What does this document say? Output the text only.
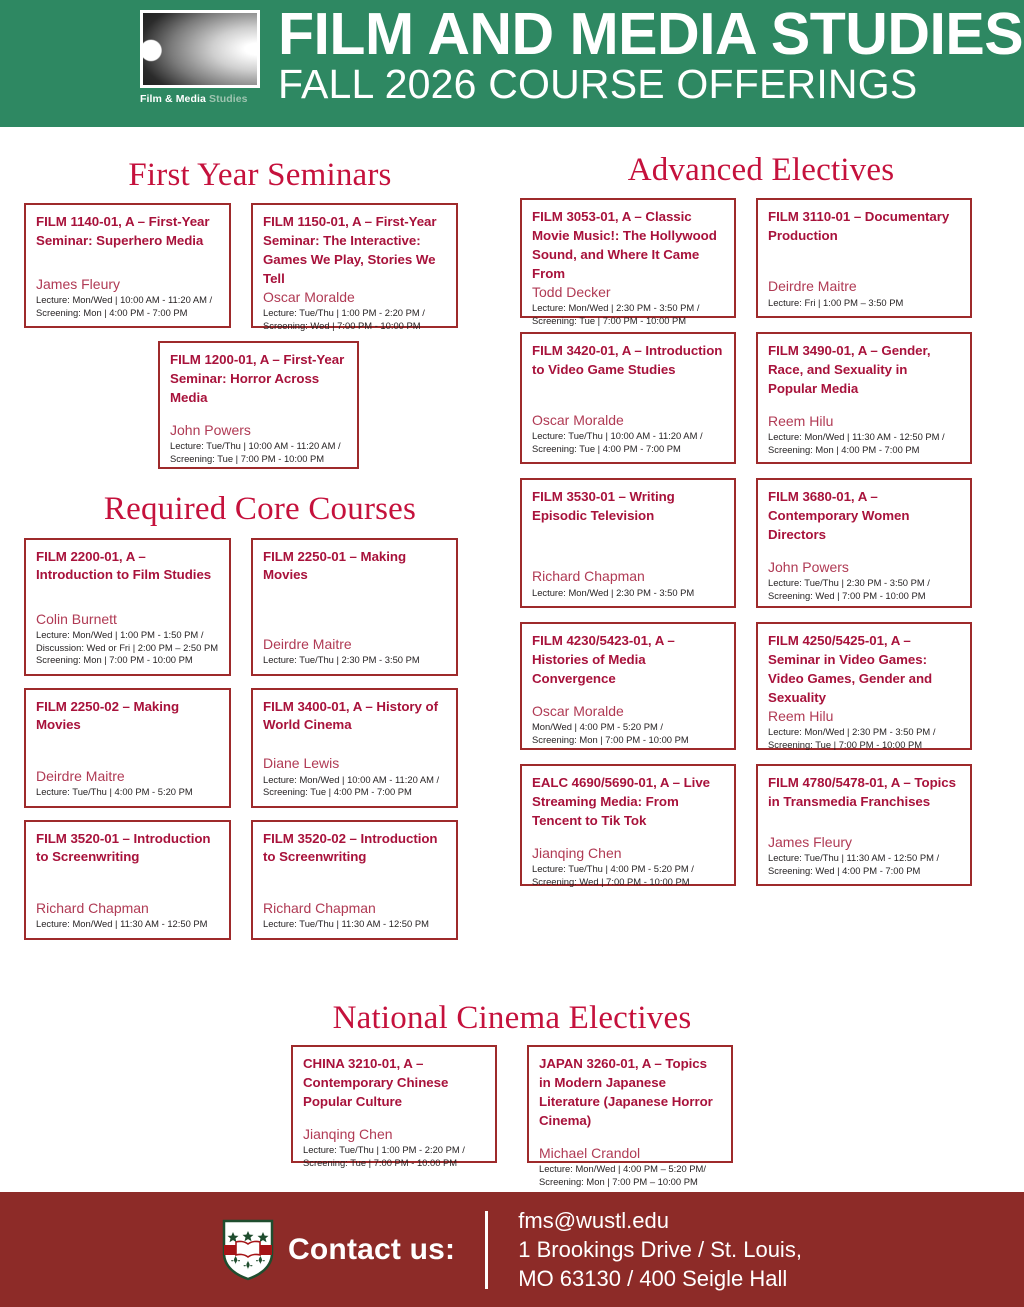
Film & Media Studies
FILM AND MEDIA STUDIES
FALL 2026 COURSE OFFERINGS
First Year Seminars
FILM 1140-01, A – First-Year Seminar: Superhero Media
James Fleury
Lecture: Mon/Wed | 10:00 AM - 11:20 AM /
Screening: Mon | 4:00 PM - 7:00 PM
FILM 1150-01, A – First-Year Seminar: The Interactive: Games We Play, Stories We Tell
Oscar Moralde
Lecture: Tue/Thu | 1:00 PM - 2:20 PM /
Screening: Wed | 7:00 PM - 10:00 PM
FILM 1200-01, A – First-Year Seminar: Horror Across Media
John Powers
Lecture: Tue/Thu | 10:00 AM - 11:20 AM /
Screening: Tue | 7:00 PM - 10:00 PM
Required Core Courses
FILM 2200-01, A – Introduction to Film Studies
Colin Burnett
Lecture: Mon/Wed | 1:00 PM - 1:50 PM /
Discussion: Wed or Fri | 2:00 PM – 2:50 PM
Screening: Mon | 7:00 PM - 10:00 PM
FILM 2250-01 – Making Movies
Deirdre Maitre
Lecture: Tue/Thu | 2:30 PM - 3:50 PM
FILM 2250-02 – Making Movies
Deirdre Maitre
Lecture: Tue/Thu | 4:00 PM - 5:20 PM
FILM 3400-01, A – History of World Cinema
Diane Lewis
Lecture: Mon/Wed | 10:00 AM - 11:20 AM /
Screening: Tue | 4:00 PM - 7:00 PM
FILM 3520-01 – Introduction to Screenwriting
Richard Chapman
Lecture: Mon/Wed | 11:30 AM - 12:50 PM
FILM 3520-02 – Introduction to Screenwriting
Richard Chapman
Lecture: Tue/Thu | 11:30 AM - 12:50 PM
Advanced Electives
FILM 3053-01, A – Classic Movie Music!: The Hollywood Sound, and Where It Came From
Todd Decker
Lecture: Mon/Wed | 2:30 PM - 3:50 PM /
Screening: Tue | 7:00 PM - 10:00 PM
FILM 3110-01 – Documentary Production
Deirdre Maitre
Lecture: Fri | 1:00 PM – 3:50 PM
FILM 3420-01, A – Introduction to Video Game Studies
Oscar Moralde
Lecture: Tue/Thu | 10:00 AM - 11:20 AM /
Screening: Tue | 4:00 PM - 7:00 PM
FILM 3490-01, A – Gender, Race, and Sexuality in Popular Media
Reem Hilu
Lecture: Mon/Wed | 11:30 AM - 12:50 PM /
Screening: Mon | 4:00 PM - 7:00 PM
FILM 3530-01 – Writing Episodic Television
Richard Chapman
Lecture: Mon/Wed | 2:30 PM - 3:50 PM
FILM 3680-01, A – Contemporary Women Directors
John Powers
Lecture: Tue/Thu | 2:30 PM - 3:50 PM /
Screening: Wed | 7:00 PM - 10:00 PM
FILM 4230/5423-01, A – Histories of Media Convergence
Oscar Moralde
Mon/Wed | 4:00 PM - 5:20 PM /
Screening: Mon | 7:00 PM - 10:00 PM
FILM 4250/5425-01, A – Seminar in Video Games: Video Games, Gender and Sexuality
Reem Hilu
Lecture: Mon/Wed | 2:30 PM - 3:50 PM /
Screening: Tue | 7:00 PM - 10:00 PM
EALC 4690/5690-01, A – Live Streaming Media: From Tencent to Tik Tok
Jianqing Chen
Lecture: Tue/Thu | 4:00 PM - 5:20 PM /
Screening: Wed | 7:00 PM - 10:00 PM
FILM 4780/5478-01, A – Topics in Transmedia Franchises
James Fleury
Lecture: Tue/Thu | 11:30 AM - 12:50 PM /
Screening: Wed | 4:00 PM - 7:00 PM
National Cinema Electives
CHINA 3210-01, A – Contemporary Chinese Popular Culture
Jianqing Chen
Lecture: Tue/Thu | 1:00 PM - 2:20 PM /
Screening: Tue | 7:00 PM - 10:00 PM
JAPAN 3260-01, A – Topics in Modern Japanese Literature (Japanese Horror Cinema)
Michael Crandol
Lecture: Mon/Wed | 4:00 PM – 5:20 PM/
Screening: Mon | 7:00 PM – 10:00 PM
Contact us:
fms@wustl.edu
1 Brookings Drive / St. Louis,
MO 63130 / 400 Seigle Hall
